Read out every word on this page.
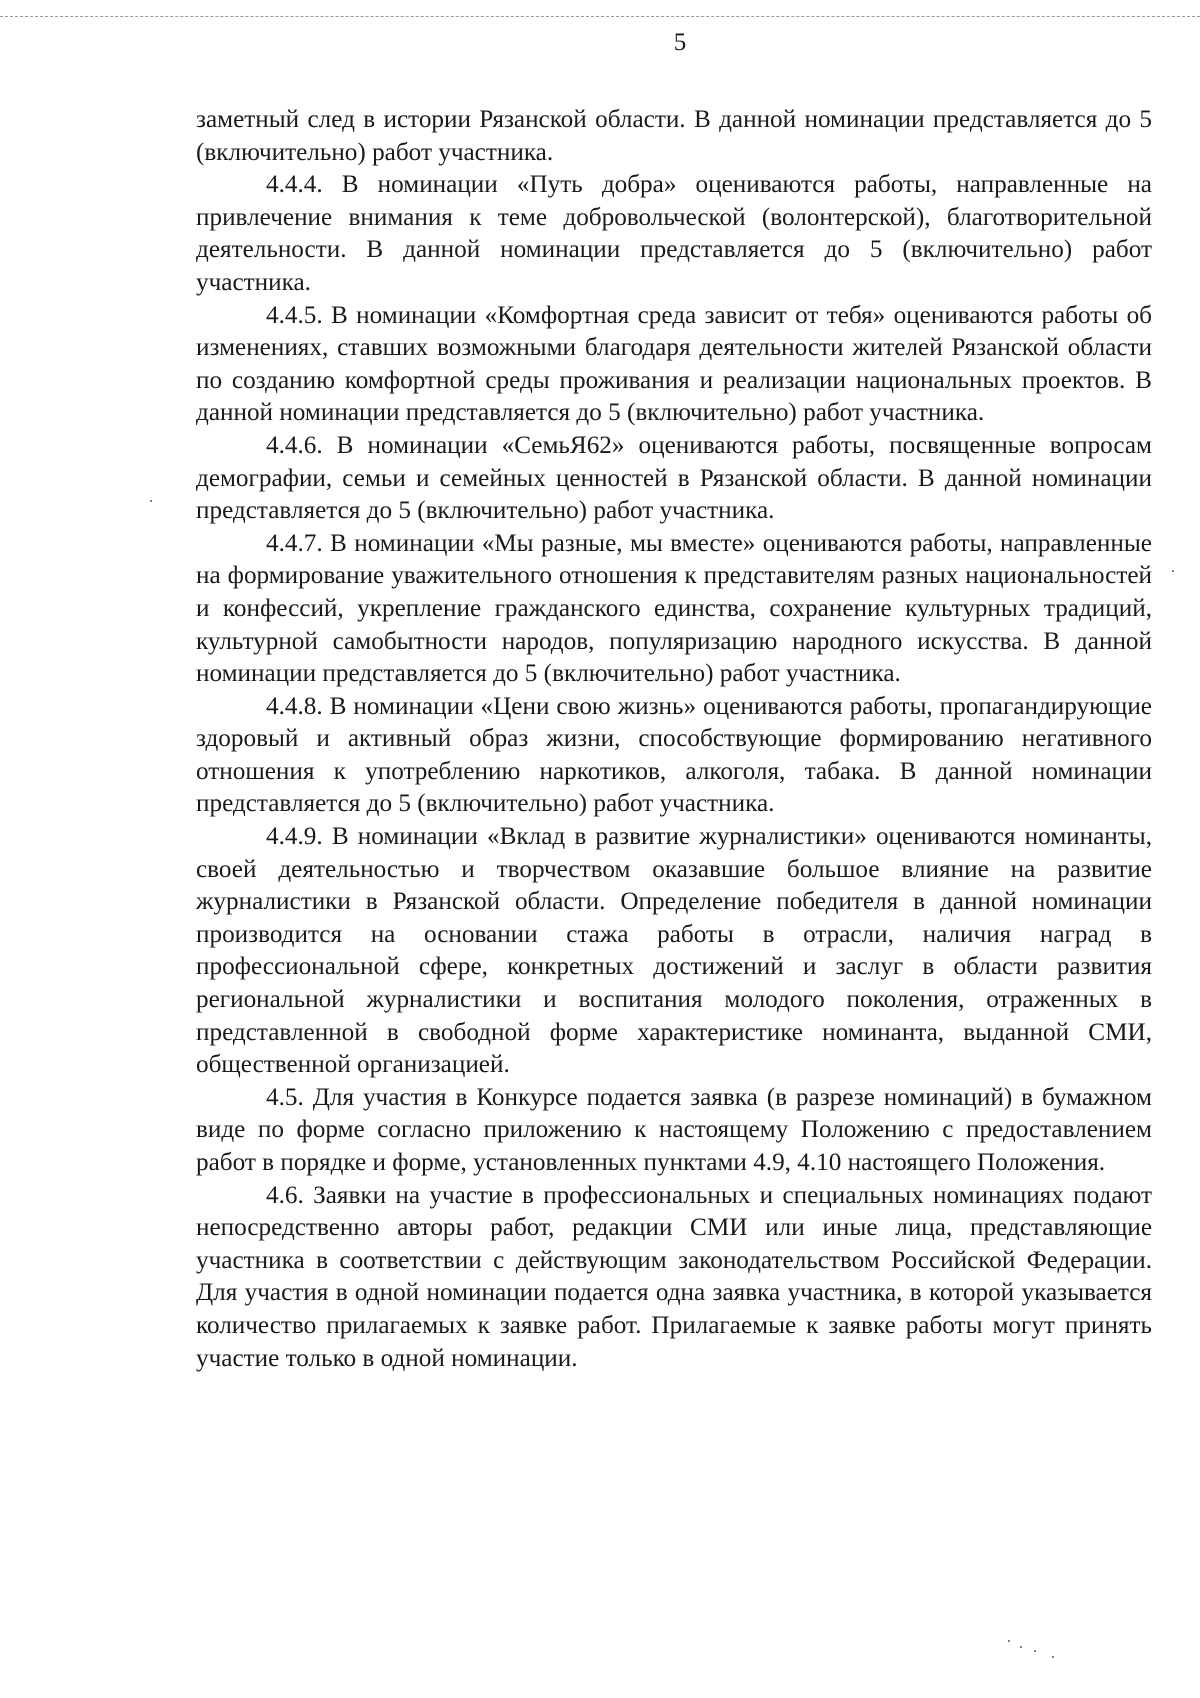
5

заметный след в истории Рязанской области. В данной номинации представляется до 5 (включительно) работ участника.

4.4.4. В номинации «Путь добра» оцениваются работы, направленные на привлечение внимания к теме добровольческой (волонтерской), благотворительной деятельности. В данной номинации представляется до 5 (включительно) работ участника.

4.4.5. В номинации «Комфортная среда зависит от тебя» оцениваются работы об изменениях, ставших возможными благодаря деятельности жителей Рязанской области по созданию комфортной среды проживания и реализации национальных проектов. В данной номинации представляется до 5 (включительно) работ участника.

4.4.6. В номинации «СемьЯ62» оцениваются работы, посвященные вопросам демографии, семьи и семейных ценностей в Рязанской области. В данной номинации представляется до 5 (включительно) работ участника.

4.4.7. В номинации «Мы разные, мы вместе» оцениваются работы, направленные на формирование уважительного отношения к представителям разных национальностей и конфессий, укрепление гражданского единства, сохранение культурных традиций, культурной самобытности народов, популяризацию народного искусства. В данной номинации представляется до 5 (включительно) работ участника.

4.4.8. В номинации «Цени свою жизнь» оцениваются работы, пропагандирующие здоровый и активный образ жизни, способствующие формированию негативного отношения к употреблению наркотиков, алкоголя, табака. В данной номинации представляется до 5 (включительно) работ участника.

4.4.9. В номинации «Вклад в развитие журналистики» оцениваются номинанты, своей деятельностью и творчеством оказавшие большое влияние на развитие журналистики в Рязанской области. Определение победителя в данной номинации производится на основании стажа работы в отрасли, наличия наград в профессиональной сфере, конкретных достижений и заслуг в области развития региональной журналистики и воспитания молодого поколения, отраженных в представленной в свободной форме характеристике номинанта, выданной СМИ, общественной организацией.

4.5. Для участия в Конкурсе подается заявка (в разрезе номинаций) в бумажном виде по форме согласно приложению к настоящему Положению с предоставлением работ в порядке и форме, установленных пунктами 4.9, 4.10 настоящего Положения.

4.6. Заявки на участие в профессиональных и специальных номинациях подают непосредственно авторы работ, редакции СМИ или иные лица, представляющие участника в соответствии с действующим законодательством Российской Федерации. Для участия в одной номинации подается одна заявка участника, в которой указывается количество прилагаемых к заявке работ. Прилагаемые к заявке работы могут принять участие только в одной номинации.
